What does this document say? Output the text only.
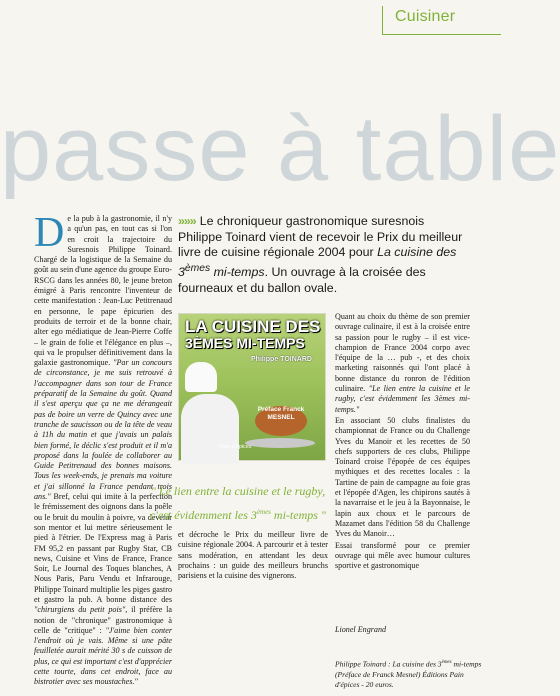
Cuisiner
passe à table

De la pub à la gastronomie, il n'y a qu'un pas, en tout cas si l'on en croit la trajectoire du Suresnois Philippe Toinard. Chargé de la logistique de la Semaine du goût au sein d'une agence du groupe Euro-RSCG dans les années 80, le jeune breton émigré à Paris rencontre l'inventeur de cette manifestation : Jean-Luc Petitrenaud en personne, le pape épicurien des produits de terroir et de la bonne chair, alter ego médiatique de Jean-Pierre Coffe – le grain de folie et l'élégance en plus –, qui va le propulser définitivement dans la galaxie gastronomique. "Par un concours de circonstance, je me suis retrouvé à l'accompagner dans son tour de France préparatif de la Semaine du goût. Quand il s'est aperçu que ça ne me dérangeait pas de boire un verre de Quincy avec une tranche de saucisson ou de la tête de veau à 11h du matin et que j'avais un palais bien formé, le déclic s'est produit et il m'a proposé dans la foulée de collaborer au Guide Petitrenaud des bonnes maisons. Tous les week-ends, je prenais ma voiture et j'ai sillonné la France pendant trois ans." Bref, celui qui imite à la perfection le frémissement des oignons dans la poêle ou le bruit du moulin à poivre, va devenir son mentor et lui mettre sérieusement le pied à l'étrier. De l'Express mag à Paris FM 95,2 en passant par Rugby Star, CB news, Cuisine et Vins de France, France Soir, Le Journal des Toques blanches, A Nous Paris, Paru Vendu et Infrarouge, Philippe Toinard multiplie les piges gastro et gastro la pub. A bonne distance des "chirurgiens du petit pois", il préfère la notion de "chronique" gastronomique à celle de "critique" : "J'aime bien conter l'endroit où je vais. Même si une pâte feuilletée aurait mérité 30 s de cuisson de plus, ce qui est important c'est d'apprécier cette tourte, dans cet endroit, face au bistrotier avec ses moustaches."

»»» Le chroniqueur gastronomique suresnois Philippe Toinard vient de recevoir le Prix du meilleur livre de cuisine régionale 2004 pour La cuisine des 3èmes mi-temps. Un ouvrage à la croisée des fourneaux et du ballon ovale.

LA CUISINE DES
3ÈMES MI-TEMPS
Philippe TOINARD
Préface Franck MESNEL
Pain d'épices

Quant au choix du thème de son premier ouvrage culinaire, il est à la croisée entre sa passion pour le rugby – il est vice-champion de France 2004 corpo avec l'équipe de la … pub -, et des choix marketing raisonnés qui l'ont placé à bonne distance du ronron de l'édition culinaire. "Le lien entre la cuisine et le rugby, c'est évidemment les 3èmes mi-temps."

En associant 50 clubs finalistes du championnat de France ou du Challenge Yves du Manoir et les recettes de 50 chefs supporters de ces clubs, Philippe Toinard croise l'épopée de ces équipes mythiques et des recettes locales : la Tartine de pain de campagne au foie gras et l'épopée d'Agen, les chipirons sautés à la navarraise et le jeu à la Bayonnaise, le lapin aux choux et le parcours de Mazamet dans l'édition 58 du Challenge Yves du Manoir…

Essai transformé pour ce premier ouvrage qui mêle avec humour cultures sportive et gastronomique

" Le lien entre la cuisine et le rugby,
c'est évidemment les 3èmes mi-temps "

et décroche le Prix du meilleur livre de cuisine régionale 2004. A parcourir et à tester sans modération, en attendant les deux prochains : un guide des meilleurs brunchs parisiens et la cuisine des vignerons.

Lionel Engrand
Philippe Toinard : La cuisine des 3èmes mi-temps (Préface de Franck Mesnel) Éditions Pain d'épices - 20 euros.
